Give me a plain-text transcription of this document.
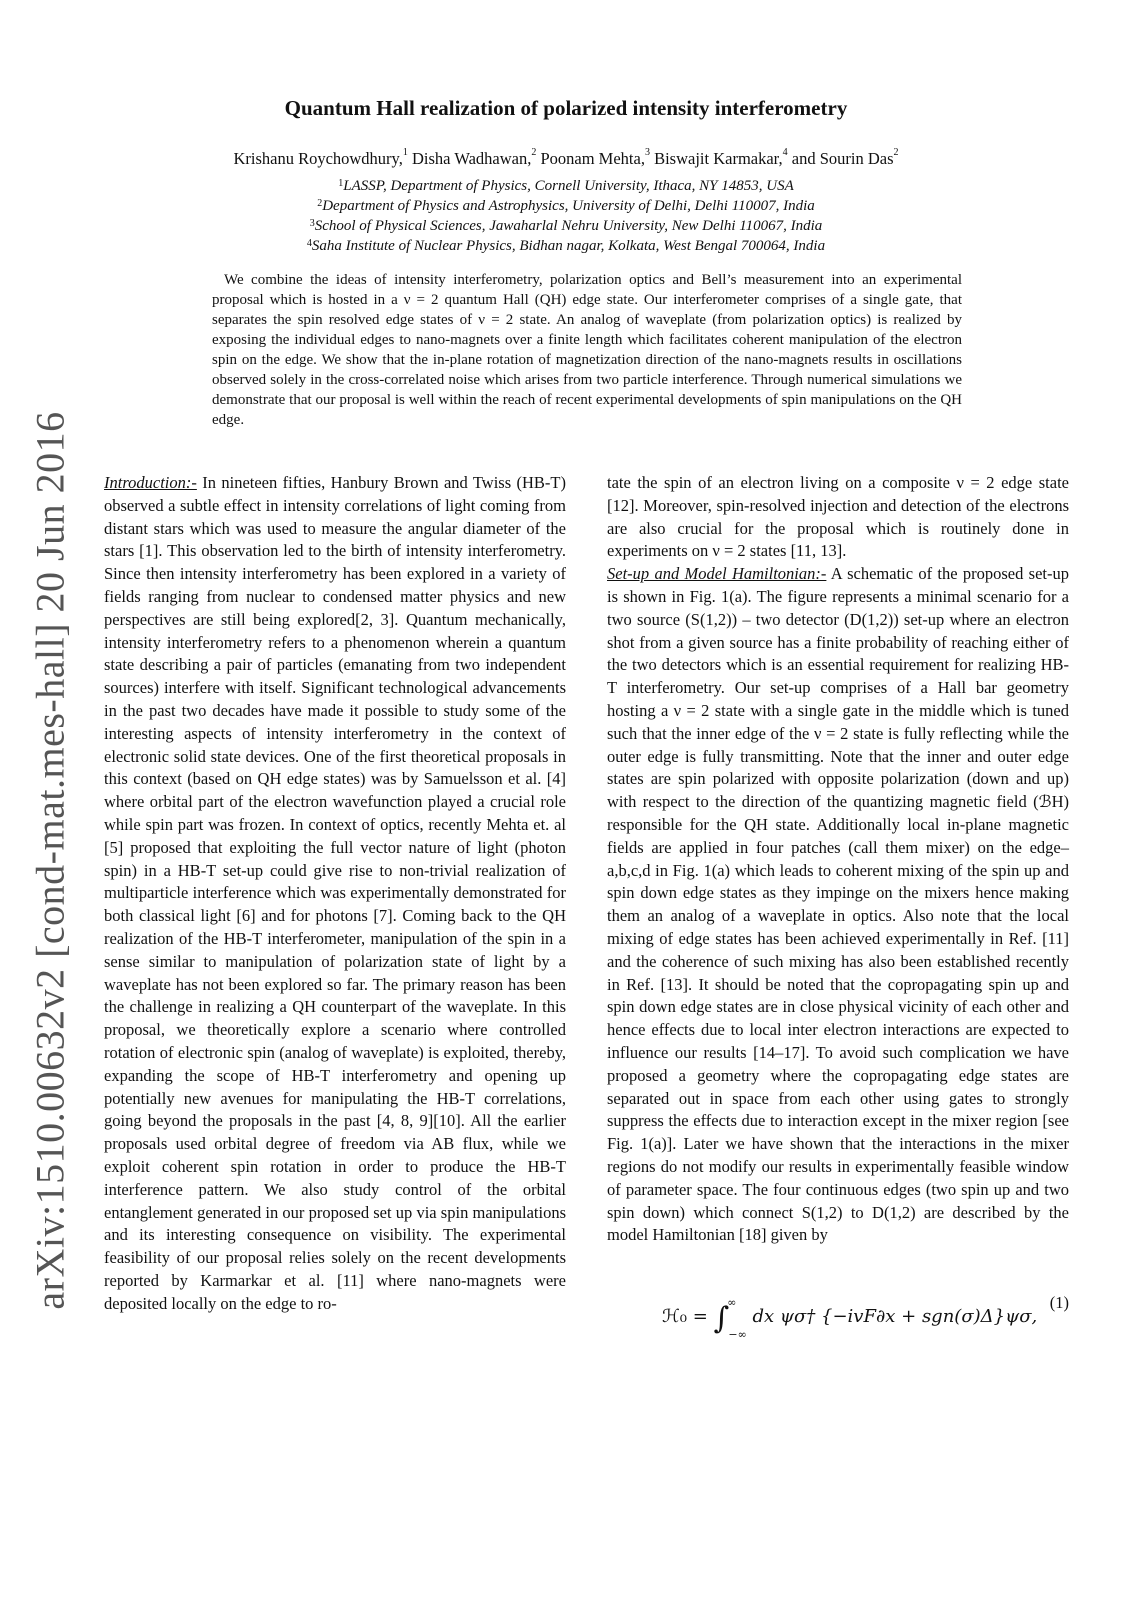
arXiv:1510.00632v2 [cond-mat.mes-hall] 20 Jun 2016
Quantum Hall realization of polarized intensity interferometry
Krishanu Roychowdhury,$^1$ Disha Wadhawan,$^2$ Poonam Mehta,$^3$ Biswajit Karmakar,$^4$ and Sourin Das$^2$
$^1$LASSP, Department of Physics, Cornell University, Ithaca, NY 14853, USA
$^2$Department of Physics and Astrophysics, University of Delhi, Delhi 110007, India
$^3$School of Physical Sciences, Jawaharlal Nehru University, New Delhi 110067, India
$^4$Saha Institute of Nuclear Physics, Bidhan nagar, Kolkata, West Bengal 700064, India
We combine the ideas of intensity interferometry, polarization optics and Bell’s measurement into an experimental proposal which is hosted in a ν = 2 quantum Hall (QH) edge state. Our interferometer comprises of a single gate, that separates the spin resolved edge states of ν = 2 state. An analog of waveplate (from polarization optics) is realized by exposing the individual edges to nano-magnets over a finite length which facilitates coherent manipulation of the electron spin on the edge. We show that the in-plane rotation of magnetization direction of the nano-magnets results in oscillations observed solely in the cross-correlated noise which arises from two particle interference. Through numerical simulations we demonstrate that our proposal is well within the reach of recent experimental developments of spin manipulations on the QH edge.

Introduction:- In nineteen fifties, Hanbury Brown and Twiss (HB-T) observed a subtle effect in intensity correlations of light coming from distant stars which was used to measure the angular diameter of the stars [1]. This observation led to the birth of intensity interferometry. Since then intensity interferometry has been explored in a variety of fields ranging from nuclear to condensed matter physics and new perspectives are still being explored[2, 3]. Quantum mechanically, intensity interferometry refers to a phenomenon wherein a quantum state describing a pair of particles (emanating from two independent sources) interfere with itself. Significant technological advancements in the past two decades have made it possible to study some of the interesting aspects of intensity interferometry in the context of electronic solid state devices. One of the first theoretical proposals in this context (based on QH edge states) was by Samuelsson et al. [4] where orbital part of the electron wavefunction played a crucial role while spin part was frozen. In context of optics, recently Mehta et. al [5] proposed that exploiting the full vector nature of light (photon spin) in a HB-T set-up could give rise to non-trivial realization of multiparticle interference which was experimentally demonstrated for both classical light [6] and for photons [7]. Coming back to the QH realization of the HB-T interferometer, manipulation of the spin in a sense similar to manipulation of polarization state of light by a waveplate has not been explored so far. The primary reason has been the challenge in realizing a QH counterpart of the waveplate. In this proposal, we theoretically explore a scenario where controlled rotation of electronic spin (analog of waveplate) is exploited, thereby, expanding the scope of HB-T interferometry and opening up potentially new avenues for manipulating the HB-T correlations, going beyond the proposals in the past [4, 8, 9][10]. All the earlier proposals used orbital degree of freedom via AB flux, while we exploit coherent spin rotation in order to produce the HB-T interference pattern. We also study control of the orbital entanglement generated in our proposed set up via spin manipulations and its interesting consequence on visibility. The experimental feasibility of our proposal relies solely on the recent developments reported by Karmarkar et al. [11] where nano-magnets were deposited locally on the edge to ro-

tate the spin of an electron living on a composite ν = 2 edge state [12]. Moreover, spin-resolved injection and detection of the electrons are also crucial for the proposal which is routinely done in experiments on ν = 2 states [11, 13].

Set-up and Model Hamiltonian:- A schematic of the proposed set-up is shown in Fig. 1(a). The figure represents a minimal scenario for a two source (S(1,2)) – two detector (D(1,2)) set-up where an electron shot from a given source has a finite probability of reaching either of the two detectors which is an essential requirement for realizing HB-T interferometry. Our set-up comprises of a Hall bar geometry hosting a ν = 2 state with a single gate in the middle which is tuned such that the inner edge of the ν = 2 state is fully reflecting while the outer edge is fully transmitting. Note that the inner and outer edge states are spin polarized with opposite polarization (down and up) with respect to the direction of the quantizing magnetic field (ℬH) responsible for the QH state. Additionally local in-plane magnetic fields are applied in four patches (call them mixer) on the edge– a,b,c,d in Fig. 1(a) which leads to coherent mixing of the spin up and spin down edge states as they impinge on the mixers hence making them an analog of a waveplate in optics. Also note that the local mixing of edge states has been achieved experimentally in Ref. [11] and the coherence of such mixing has also been established recently in Ref. [13]. It should be noted that the copropagating spin up and spin down edge states are in close physical vicinity of each other and hence effects due to local inter electron interactions are expected to influence our results [14–17]. To avoid such complication we have proposed a geometry where the copropagating edge states are separated out in space from each other using gates to strongly suppress the effects due to interaction except in the mixer region [see Fig. 1(a)]. Later we have shown that the interactions in the mixer regions do not modify our results in experimentally feasible window of parameter space. The four continuous edges (two spin up and two spin down) which connect S(1,2) to D(1,2) are described by the model Hamiltonian [18] given by

ℋ₀ = $\int^\infty_{-\infty}$ dx ψσ† {−ivF∂x + sgn(σ)Δ}ψσ,
(1)
